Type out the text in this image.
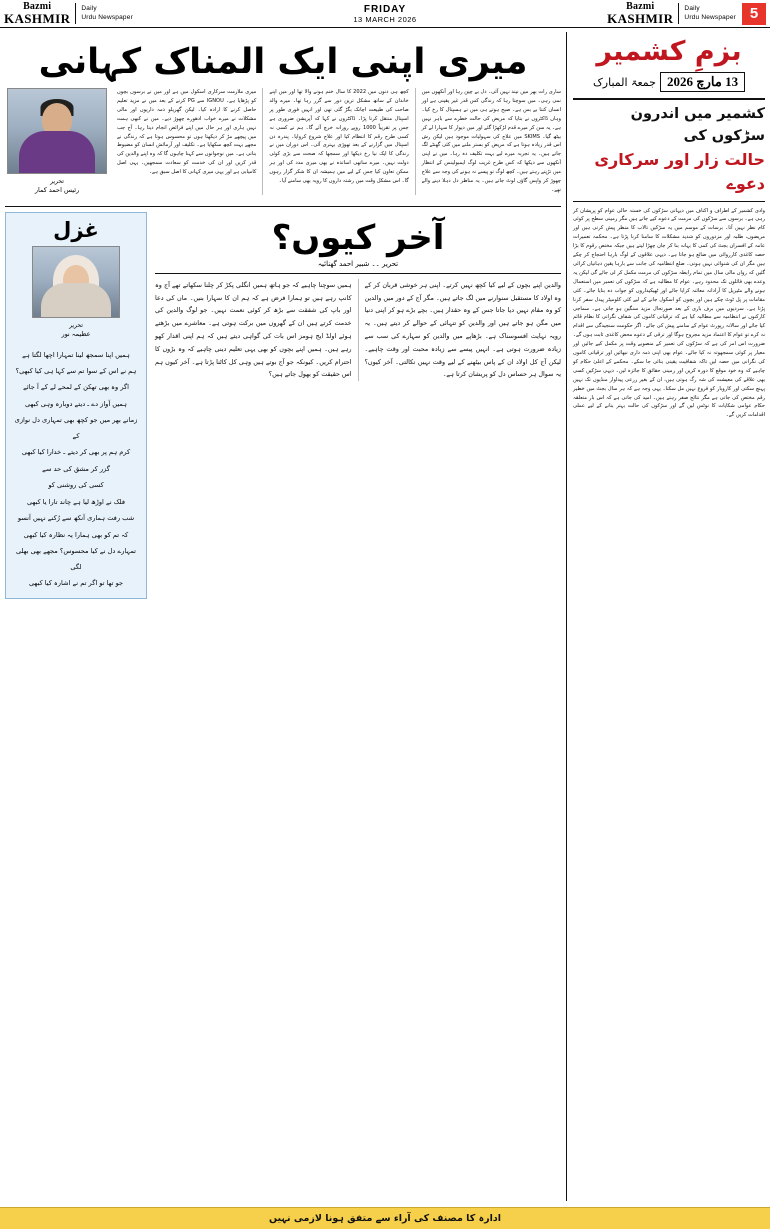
Bazmi
KASHMIR
Daily
Urdu Newspaper
FRIDAY
13 MARCH 2026
Bazmi
KASHMIR
Daily
Urdu Newspaper 5
میری اپنی ایک المناک کہانی
تحریر
رئیس احمد کمار
میری ملازمت سرکاری اسکول میں ہے اور میں نے برسوں بچوں کو پڑھایا ہے۔ IGNOU سے PG کرنے کے بعد میں نے مزید تعلیم حاصل کرنے کا ارادہ کیا۔ لیکن گھریلو ذمہ داریوں اور مالی مشکلات نے میرے خواب ادھورے چھوڑ دیے۔ میں نے کبھی ہمت نہیں ہاری اور ہر حال میں اپنے فرائض انجام دیتا رہا۔ آج جب میں پیچھے مڑ کر دیکھتا ہوں تو محسوس ہوتا ہے کہ زندگی نے مجھے بہت کچھ سکھایا ہے۔ تکلیف اور آزمائش انسان کو مضبوط بناتی ہے۔ میں نوجوانوں سے کہنا چاہوں گا کہ وہ اپنے والدین کی قدر کریں اور ان کی خدمت کو سعادت سمجھیں۔ یہی اصل کامیابی ہے اور یہی میری کہانی کا اصل سبق ہے۔
کچھ ہی دنوں میں 2022 کا سال ختم ہونے والا تھا اور میں اپنے خاندان کے ساتھ مشکل ترین دور سے گزر رہا تھا۔ میرے والد صاحب کی طبیعت اچانک بگڑ گئی تھی اور انہیں فوری طور پر اسپتال منتقل کرنا پڑا۔ ڈاکٹروں نے کہا کہ آپریشن ضروری ہے جس پر تقریباً 1000 روپے روزانہ خرچ آئے گا۔ ہم نے کسی نہ کسی طرح رقم کا انتظام کیا اور علاج شروع کروایا۔ پندرہ دن اسپتال میں گزارنے کے بعد تھوڑی بہتری آئی۔ اس دوران میں نے زندگی کا ایک نیا رخ دیکھا اور سمجھا کہ صحت سے بڑی کوئی دولت نہیں۔ میرے ساتھی اساتذہ نے بھی میری مدد کی اور ہر ممکن تعاون کیا جس کے لیے میں ہمیشہ ان کا شکر گزار رہوں گا۔ اس مشکل وقت میں رشتہ داروں کا رویہ بھی سامنے آیا۔
ساری رات بھر میں نیند نہیں آئی۔ دل بے چین رہا اور آنکھوں میں نمی رہی۔ میں سوچتا رہا کہ زندگی کس قدر غیر یقینی ہے اور انسان کتنا بے بس ہے۔ صبح ہوتے ہی میں نے ہسپتال کا رخ کیا۔ وہاں ڈاکٹروں نے بتایا کہ مریض کی حالت خطرے سے باہر نہیں ہے۔ یہ سن کر میرے قدم لڑکھڑا گئے اور میں دیوار کا سہارا لے کر بیٹھ گیا۔ SKIMS میں علاج کی سہولیات موجود ہیں لیکن رش اس قدر زیادہ ہوتا ہے کہ مریض کو بستر ملنے میں کئی گھنٹے لگ جاتے ہیں۔ یہ تجربہ میرے لیے بہت تکلیف دہ رہا۔ میں نے اپنی آنکھوں سے دیکھا کہ کس طرح غریب لوگ ایمبولینس کے انتظار میں تڑپتے رہتے ہیں۔ کچھ لوگ تو پیسے نہ ہونے کی وجہ سے علاج چھوڑ کر واپس گاؤں لوٹ جاتے ہیں۔ یہ مناظر دل دہلا دینے والے تھے۔
غزل
تحریر
عظیمہ نور
ہمیں اپنا سمجھ لینا تمہارا اچھا لگتا ہے
ہم نے اس کے سوا تم سے کہا ہی کیا کبھی؟
اگر وہ بھی تھکن کے لمحے لے کے آ جائے
ہمیں آواز دے ـ دیتے دوبارہ وہی کبھی
زمانے بھر میں جو کچھ بھی تمہاری دل نوازی کے
کرم ہم پر بھی کر دیتے ـ خدارا کیا کبھی
گزر کر مشق کی حد سے
کسی کی روشنی کو
فلک نے اوڑھ لیا ہے چاند تارا یا کبھی
شب رفت ہماری آنکھ سے رُکنے نہیں آنسو
کہ تم کو بھی ہمارا یہ نظارہ کیا کبھی
تمہارے دل نے کیا محسوس؟ مجھے بھی بھلی لگی
جو تھا تو اگر تم نے اشارہ کیا کبھی
آخر کیوں؟
تحریر ۔۔ شبیر احمد گھنائیہ
ہمیں سوچنا چاہیے کہ جو ہاتھ ہمیں انگلی پکڑ کر چلنا سکھاتے تھے آج وہ کانپ رہے ہیں تو ہمارا فرض ہے کہ ہم ان کا سہارا بنیں۔ ماں کی دعا اور باپ کی شفقت سے بڑھ کر کوئی نعمت نہیں۔ جو لوگ والدین کی خدمت کرتے ہیں ان کے گھروں میں برکت ہوتی ہے۔ معاشرے میں بڑھتے ہوئے اولڈ ایج ہومز اس بات کی گواہی دیتے ہیں کہ ہم اپنی اقدار کھو رہے ہیں۔ ہمیں اپنے بچوں کو بھی یہی تعلیم دینی چاہیے کہ وہ بڑوں کا احترام کریں۔ کیونکہ جو آج بوتے ہیں وہی کل کاٹنا پڑتا ہے۔ آخر کیوں ہم اس حقیقت کو بھول جاتے ہیں؟
والدین اپنے بچوں کے لیے کیا کچھ نہیں کرتے۔ اپنی ہر خوشی قربان کر کے وہ اولاد کا مستقبل سنوارنے میں لگ جاتے ہیں۔ مگر آج کے دور میں والدین کو وہ مقام نہیں دیا جاتا جس کے وہ حقدار ہیں۔ بچے بڑے ہو کر اپنی دنیا میں مگن ہو جاتے ہیں اور والدین کو تنہائی کے حوالے کر دیتے ہیں۔ یہ رویہ نہایت افسوسناک ہے۔ بڑھاپے میں والدین کو سہارے کی سب سے زیادہ ضرورت ہوتی ہے۔ انہیں پیسے سے زیادہ محبت اور وقت چاہیے۔ لیکن آج کل اولاد ان کے پاس بیٹھنے کے لیے وقت نہیں نکالتی۔ آخر کیوں؟ یہ سوال ہر حساس دل کو پریشان کرتا ہے۔
بزمِ کشمیر
13 مارچ 2026
جمعۃ المبارک
کشمیر میں اندرون سڑکوں کی
حالت زار اور سرکاری دعوے
وادی کشمیر کے اطراف و اکناف میں دیہاتی سڑکوں کی خستہ حالی عوام کو پریشان کر رہی ہے۔ برسوں سے سڑکوں کی مرمت کے دعوے کیے جاتے ہیں مگر زمینی سطح پر کوئی کام نظر نہیں آتا۔ برسات کے موسم میں یہ سڑکیں تالاب کا منظر پیش کرتی ہیں اور مریضوں، طلبہ اور مزدوروں کو شدید مشکلات کا سامنا کرنا پڑتا ہے۔ محکمہ تعمیرات عامہ کے افسران بجٹ کی کمی کا بہانہ بنا کر جان چھڑا لیتے ہیں جبکہ مختص رقوم کا بڑا حصہ کاغذی کارروائی میں ضائع ہو جاتا ہے۔ دیہی علاقوں کے لوگ بارہا احتجاج کر چکے ہیں مگر ان کی شنوائی نہیں ہوتی۔ ضلع انتظامیہ کی جانب سے بارہا یقین دہانیاں کرائی گئیں کہ رواں مالی سال میں تمام رابطہ سڑکوں کی مرمت مکمل کر لی جائے گی لیکن یہ وعدے بھی فائلوں تک محدود رہے۔ عوام کا مطالبہ ہے کہ سڑکوں کی تعمیر میں استعمال ہونے والے مٹیریل کا آزادانہ معائنہ کرایا جائے اور ٹھیکیداروں کو جواب دہ بنایا جائے۔ کئی مقامات پر پل ٹوٹ چکے ہیں اور بچوں کو اسکول جانے کے لیے کئی کلومیٹر پیدل سفر کرنا پڑتا ہے۔ سردیوں میں برف باری کے بعد صورتحال مزید سنگین ہو جاتی ہے۔ سماجی کارکنوں نے انتظامیہ سے مطالبہ کیا ہے کہ ترقیاتی کاموں کی شفاف نگرانی کا نظام قائم کیا جائے اور سالانہ رپورٹ عوام کے سامنے پیش کی جائے۔ اگر حکومت سنجیدگی سے اقدام نہ کرے تو عوام کا اعتماد مزید مجروح ہوگا اور ترقی کے دعوے محض کاغذی ثابت ہوں گے۔ ضرورت اس امر کی ہے کہ سڑکوں کی تعمیر کے منصوبے وقت پر مکمل کیے جائیں اور معیار پر کوئی سمجھوتہ نہ کیا جائے۔ عوام بھی اپنی ذمہ داری نبھائیں اور ترقیاتی کاموں کی نگرانی میں حصہ لیں تاکہ شفافیت یقینی بنائی جا سکے۔ محکمے کے اعلیٰ حکام کو چاہیے کہ وہ خود موقع کا دورہ کریں اور زمینی حقائق کا جائزہ لیں۔ دیہی سڑکیں کسی بھی علاقے کی معیشت کی شہ رگ ہوتی ہیں، ان کے بغیر زرعی پیداوار منڈیوں تک نہیں پہنچ سکتی اور کاروبار کو فروغ نہیں مل سکتا۔ یہی وجہ ہے کہ ہر سال بجٹ میں خطیر رقم مختص کی جاتی ہے مگر نتائج صفر رہتے ہیں۔ امید کی جاتی ہے کہ اس بار متعلقہ حکام عوامی شکایات کا نوٹس لیں گے اور سڑکوں کی حالت بہتر بنانے کے لیے عملی اقدامات کریں گے۔
ادارہ کا مصنف کی آراء سے متفق ہونا لازمی نہیں
